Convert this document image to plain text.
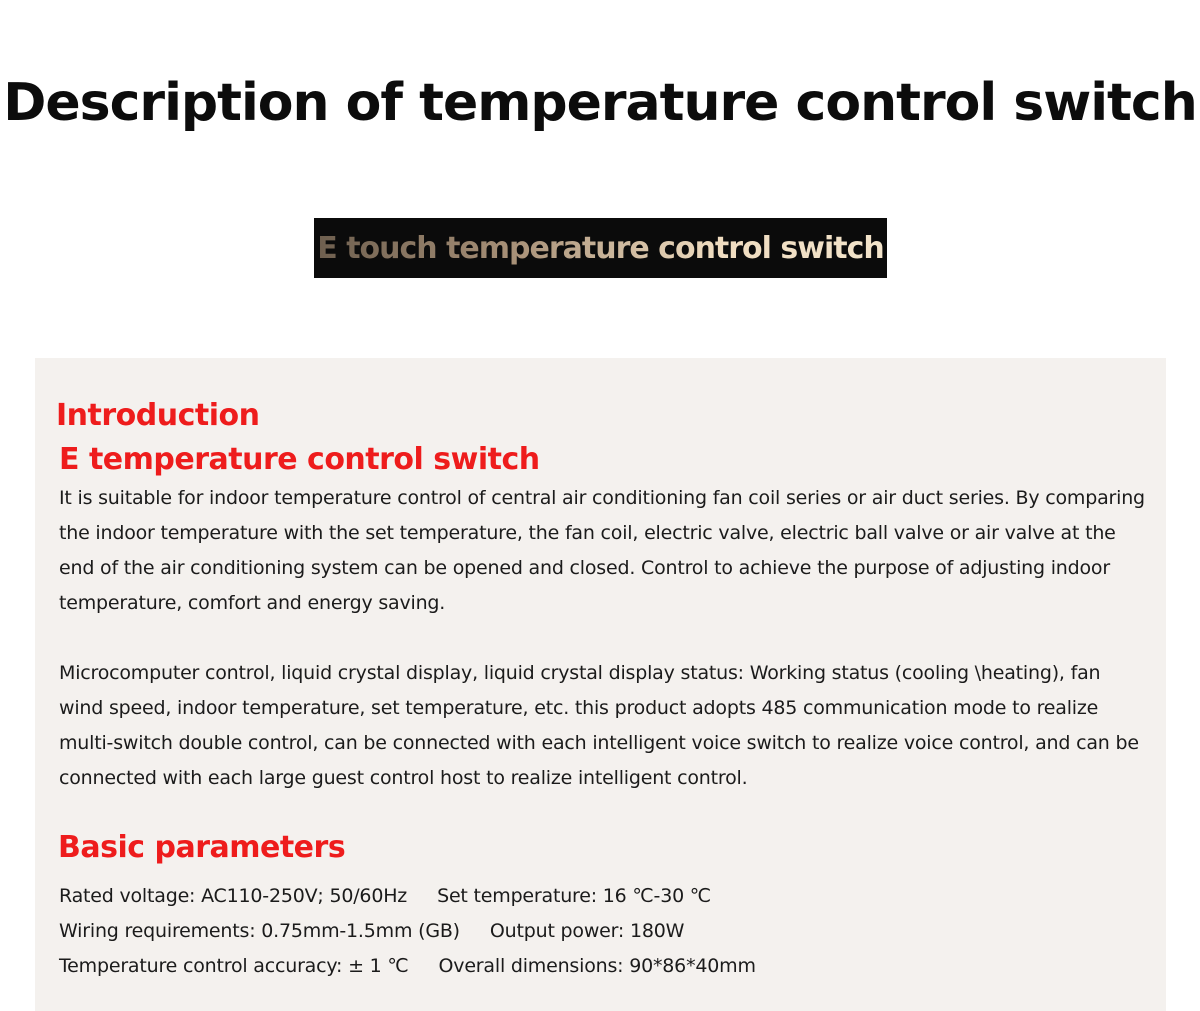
Description of temperature control switch
E touch temperature control switch
Introduction
E temperature control switch

It is suitable for indoor temperature control of central air conditioning fan coil series or air duct series. By comparing the indoor temperature with the set temperature, the fan coil, electric valve, electric ball valve or air valve at the end of the air conditioning system can be opened and closed. Control to achieve the purpose of adjusting indoor temperature, comfort and energy saving.

Microcomputer control, liquid crystal display, liquid crystal display status: Working status (cooling \heating), fan wind speed, indoor temperature, set temperature, etc. this product adopts 485 communication mode to realize multi-switch double control, can be connected with each intelligent voice switch to realize voice control, and can be connected with each large guest control host to realize intelligent control.

Basic parameters

Rated voltage: AC110-250V; 50/60Hz Set temperature: 16 ℃-30 ℃

Wiring requirements: 0.75mm-1.5mm (GB) Output power: 180W

Temperature control accuracy: ± 1 ℃ Overall dimensions: 90*86*40mm
